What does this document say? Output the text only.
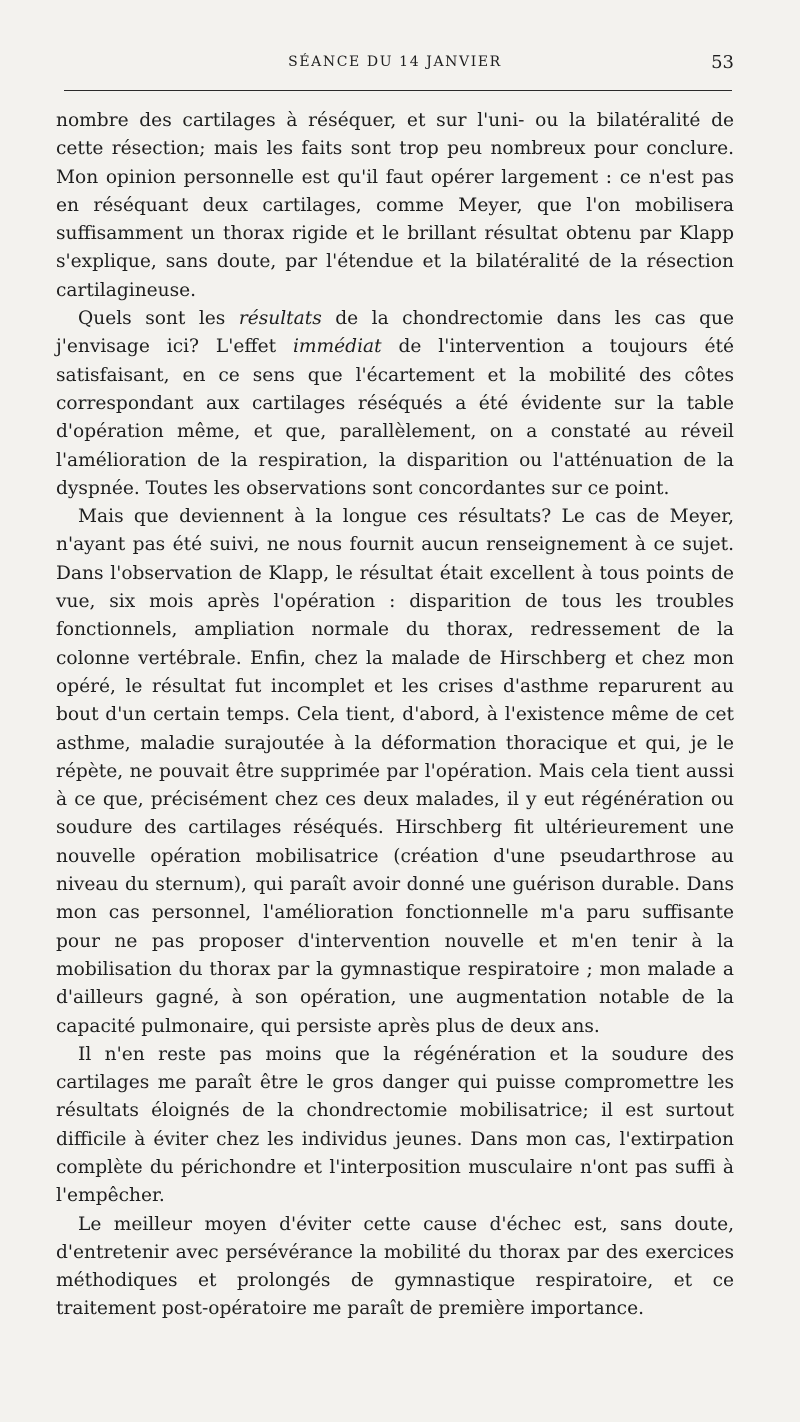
SÉANCE DU 14 JANVIER	53

nombre des cartilages à réséquer, et sur l'uni- ou la bilatéralité de cette résection; mais les faits sont trop peu nombreux pour conclure. Mon opinion personnelle est qu'il faut opérer largement : ce n'est pas en réséquant deux cartilages, comme Meyer, que l'on mobilisera suffisamment un thorax rigide et le brillant résultat obtenu par Klapp s'explique, sans doute, par l'étendue et la bilatéralité de la résection cartilagineuse.

Quels sont les résultats de la chondrectomie dans les cas que j'envisage ici? L'effet immédiat de l'intervention a toujours été satisfaisant, en ce sens que l'écartement et la mobilité des côtes correspondant aux cartilages réséqués a été évidente sur la table d'opération même, et que, parallèlement, on a constaté au réveil l'amélioration de la respiration, la disparition ou l'atténuation de la dyspnée. Toutes les observations sont concordantes sur ce point.

Mais que deviennent à la longue ces résultats? Le cas de Meyer, n'ayant pas été suivi, ne nous fournit aucun renseignement à ce sujet. Dans l'observation de Klapp, le résultat était excellent à tous points de vue, six mois après l'opération : disparition de tous les troubles fonctionnels, ampliation normale du thorax, redressement de la colonne vertébrale. Enfin, chez la malade de Hirschberg et chez mon opéré, le résultat fut incomplet et les crises d'asthme reparurent au bout d'un certain temps. Cela tient, d'abord, à l'existence même de cet asthme, maladie surajoutée à la déformation thoracique et qui, je le répète, ne pouvait être supprimée par l'opération. Mais cela tient aussi à ce que, précisément chez ces deux malades, il y eut régénération ou soudure des cartilages réséqués. Hirschberg fit ultérieurement une nouvelle opération mobilisatrice (création d'une pseudarthrose au niveau du sternum), qui paraît avoir donné une guérison durable. Dans mon cas personnel, l'amélioration fonctionnelle m'a paru suffisante pour ne pas proposer d'intervention nouvelle et m'en tenir à la mobilisation du thorax par la gymnastique respiratoire ; mon malade a d'ailleurs gagné, à son opération, une augmentation notable de la capacité pulmonaire, qui persiste après plus de deux ans.

Il n'en reste pas moins que la régénération et la soudure des cartilages me paraît être le gros danger qui puisse compromettre les résultats éloignés de la chondrectomie mobilisatrice; il est surtout difficile à éviter chez les individus jeunes. Dans mon cas, l'extirpation complète du périchondre et l'interposition musculaire n'ont pas suffi à l'empêcher.

Le meilleur moyen d'éviter cette cause d'échec est, sans doute, d'entretenir avec persévérance la mobilité du thorax par des exercices méthodiques et prolongés de gymnastique respiratoire, et ce traitement post-opératoire me paraît de première importance.
